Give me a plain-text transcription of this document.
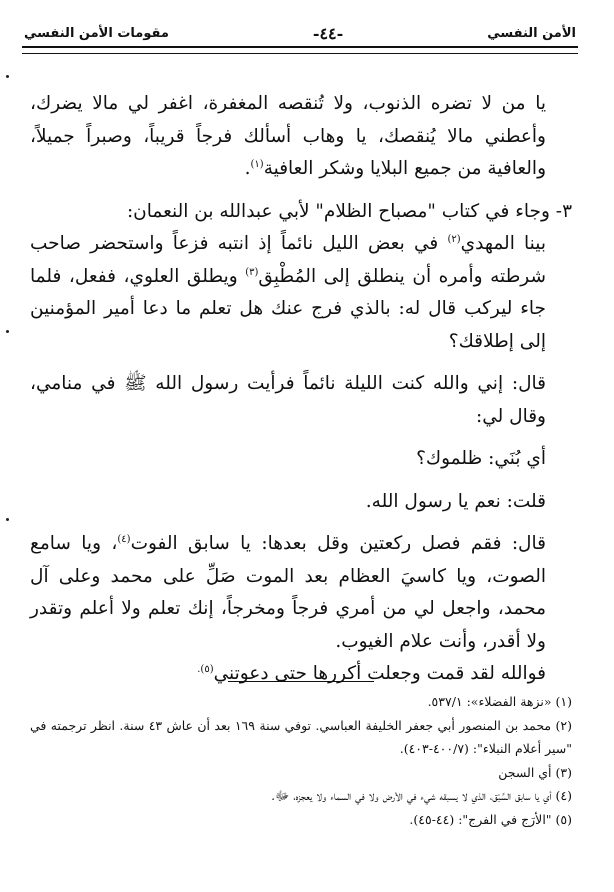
الأمن النفسي
-٤٤-
مقومات الأمن النفسي

يا من لا تضره الذنوب، ولا تُنقصه المغفرة، اغفر لي مالا يضرك، وأعطني مالا يُنقصك، يا وهاب أسألك فرجاً قريباً، وصبراً جميلاً، والعافية من جميع البلايا وشكر العافية$^{(١)}$.

٣- وجاء في كتاب "مصباح الظلام" لأبي عبدالله بن النعمان:

بينا المهدي$^{(٢)}$ في بعض الليل نائماً إذ انتبه فزعاً واستحضر صاحب شرطته وأمره أن ينطلق إلى المُطْبِق$^{(٣)}$ ويطلق العلوي، ففعل، فلما جاء ليركب قال له: بالذي فرج عنك هل تعلم ما دعا أمير المؤمنين إلى إطلاقك؟

قال: إني والله كنت الليلة نائماً فرأيت رسول الله ﷺ في منامي، وقال لي:

أي بُنَي: ظلموك؟

قلت: نعم يا رسول الله.

قال: فقم فصل ركعتين وقل بعدها: يا سابق الفوت$^{(٤)}$، ويا سامع الصوت، ويا كاسيَ العظام بعد الموت صَلِّ على محمد وعلى آل محمد، واجعل لي من أمري فرجاً ومخرجاً، إنك تعلم ولا أعلم وتقدر ولا أقدر، وأنت علام الغيوب.

فوالله لقد قمت وجعلت أكررها حتى دعوتني$^{(٥).}$

(١) «نزهة الفضلاء»: ٥٣٧/١.

(٢) محمد بن المنصور أبي جعفر الخليفة العباسي. توفي سنة ١٦٩ بعد أن عاش ٤٣ سنة. انظر ترجمته في "سير أعلام النبلاء": (٤٠٠/٧-٤٠٣).

(٣) أي السجن

(٤) أي يا سابق السَّبْق، الذي لا يسبقه شيء في الأرض ولا في السماء ولا يعجزه، ﷻ.

(٥) "الأرَج في الفرج": (٤٤-٤٥).
